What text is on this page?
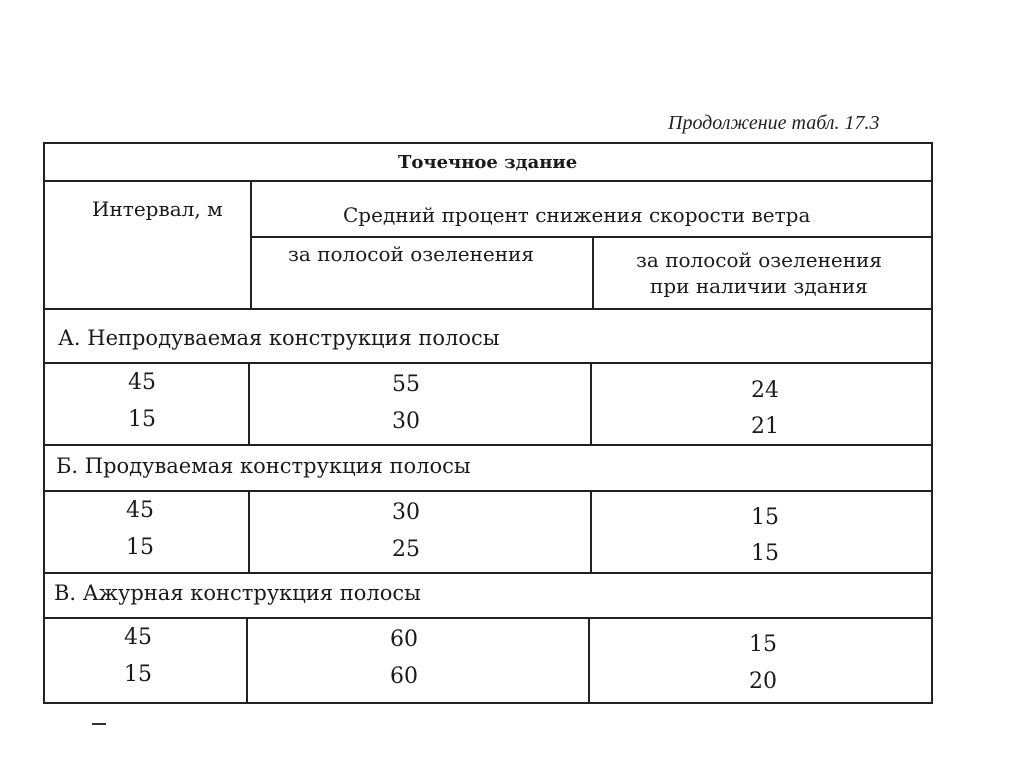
Продолжение табл. 17.3
Точечное здание
Интервал, м	Средний процент снижения скорости ветра
за полосой озеленения	за полосой озеленения
при наличии здания
А. Непродуваемая конструкция полосы
45	55	24
15	30	21
Б. Продуваемая конструкция полосы
45	30	15
15	25	15
В. Ажурная конструкция полосы
45	60	15
15	60	20
